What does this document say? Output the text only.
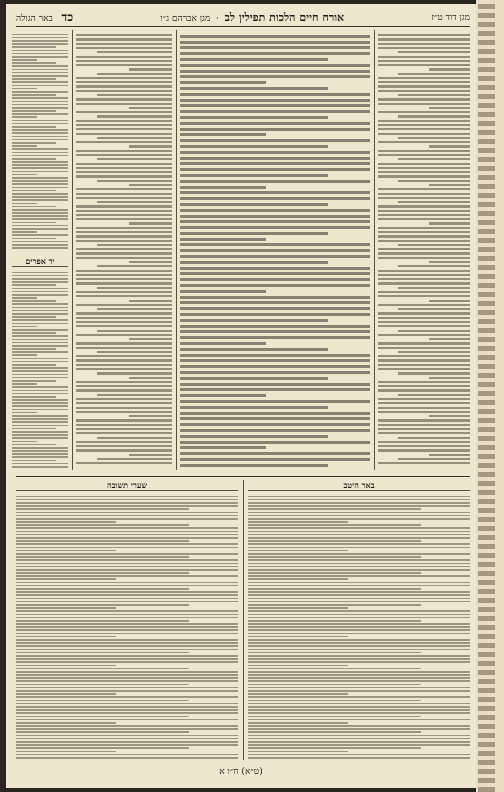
מגן דוד ט״ז
אורח חיים הלכות תפילין לב  ·  מגן אברהם ג״ו
כד   באר הגולה
יד אפרים
שערי תשובה	באר היטב
(ט״א) ח״ו א
